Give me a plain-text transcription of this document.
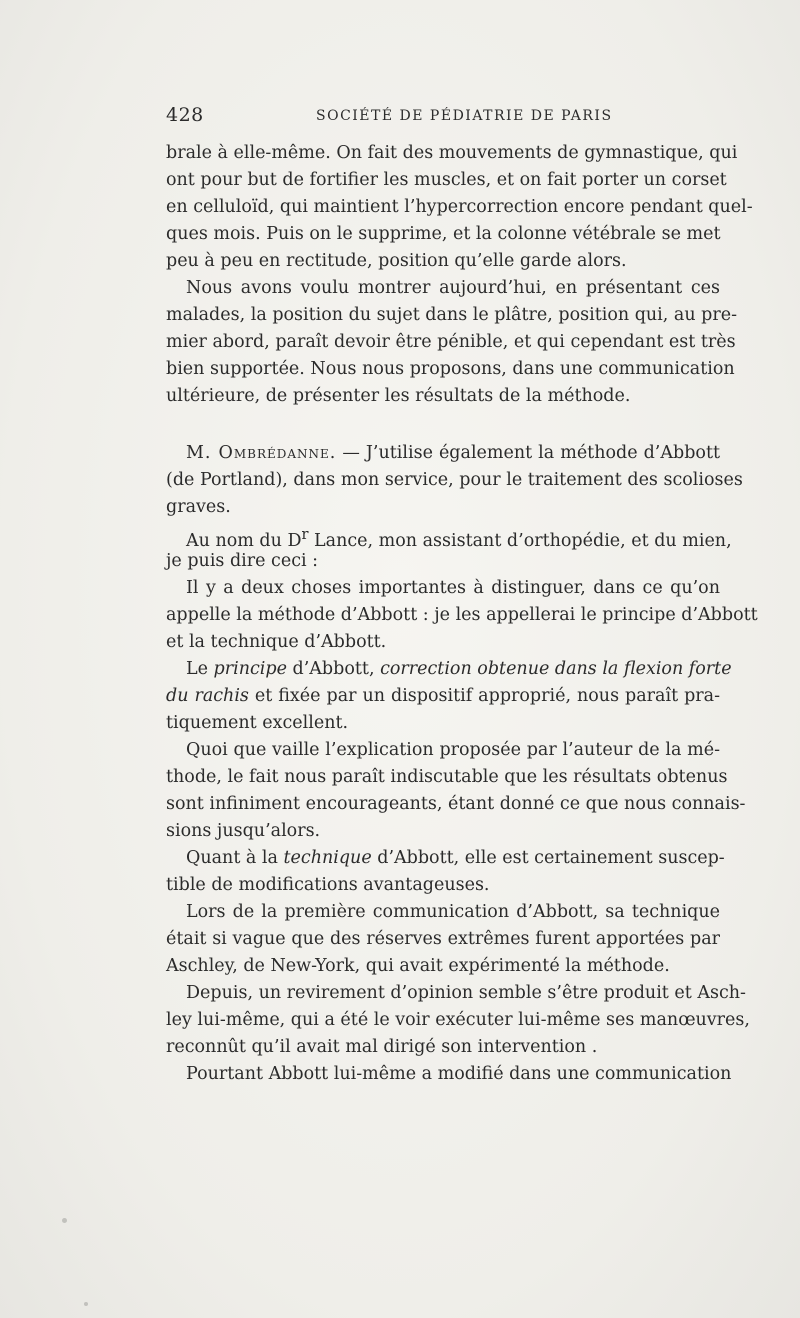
428	SOCIÉTÉ DE PÉDIATRIE DE PARIS
brale à elle-même. On fait des mouvements de gymnastique, qui
ont pour but de fortifier les muscles, et on fait porter un corset
en celluloïd, qui maintient l’hypercorrection encore pendant quel-
ques mois. Puis on le supprime, et la colonne vétébrale se met
peu à peu en rectitude, position qu’elle garde alors.
Nous avons voulu montrer aujourd’hui, en présentant ces
malades, la position du sujet dans le plâtre, position qui, au pre-
mier abord, paraît devoir être pénible, et qui cependant est très
bien supportée. Nous nous proposons, dans une communication
ultérieure, de présenter les résultats de la méthode.
M. Ombrédanne. — J’utilise également la méthode d’Abbott
(de Portland), dans mon service, pour le traitement des scolioses
graves.
Au nom du $D^r$ Lance, mon assistant d’orthopédie, et du mien,
je puis dire ceci :
Il y a deux choses importantes à distinguer, dans ce qu’on
appelle la méthode d’Abbott : je les appellerai le principe d’Abbott
et la technique d’Abbott.
Le principe d’Abbott, correction obtenue dans la flexion forte
du rachis et fixée par un dispositif approprié, nous paraît pra-
tiquement excellent.
Quoi que vaille l’explication proposée par l’auteur de la mé-
thode, le fait nous paraît indiscutable que les résultats obtenus
sont infiniment encourageants, étant donné ce que nous connais-
sions jusqu’alors.
Quant à la technique d’Abbott, elle est certainement suscep-
tible de modifications avantageuses.
Lors de la première communication d’Abbott, sa technique
était si vague que des réserves extrêmes furent apportées par
Aschley, de New-York, qui avait expérimenté la méthode.
Depuis, un revirement d’opinion semble s’être produit et Asch-
ley lui-même, qui a été le voir exécuter lui-même ses manœuvres,
reconnût qu’il avait mal dirigé son intervention .
Pourtant Abbott lui-même a modifié dans une communication
